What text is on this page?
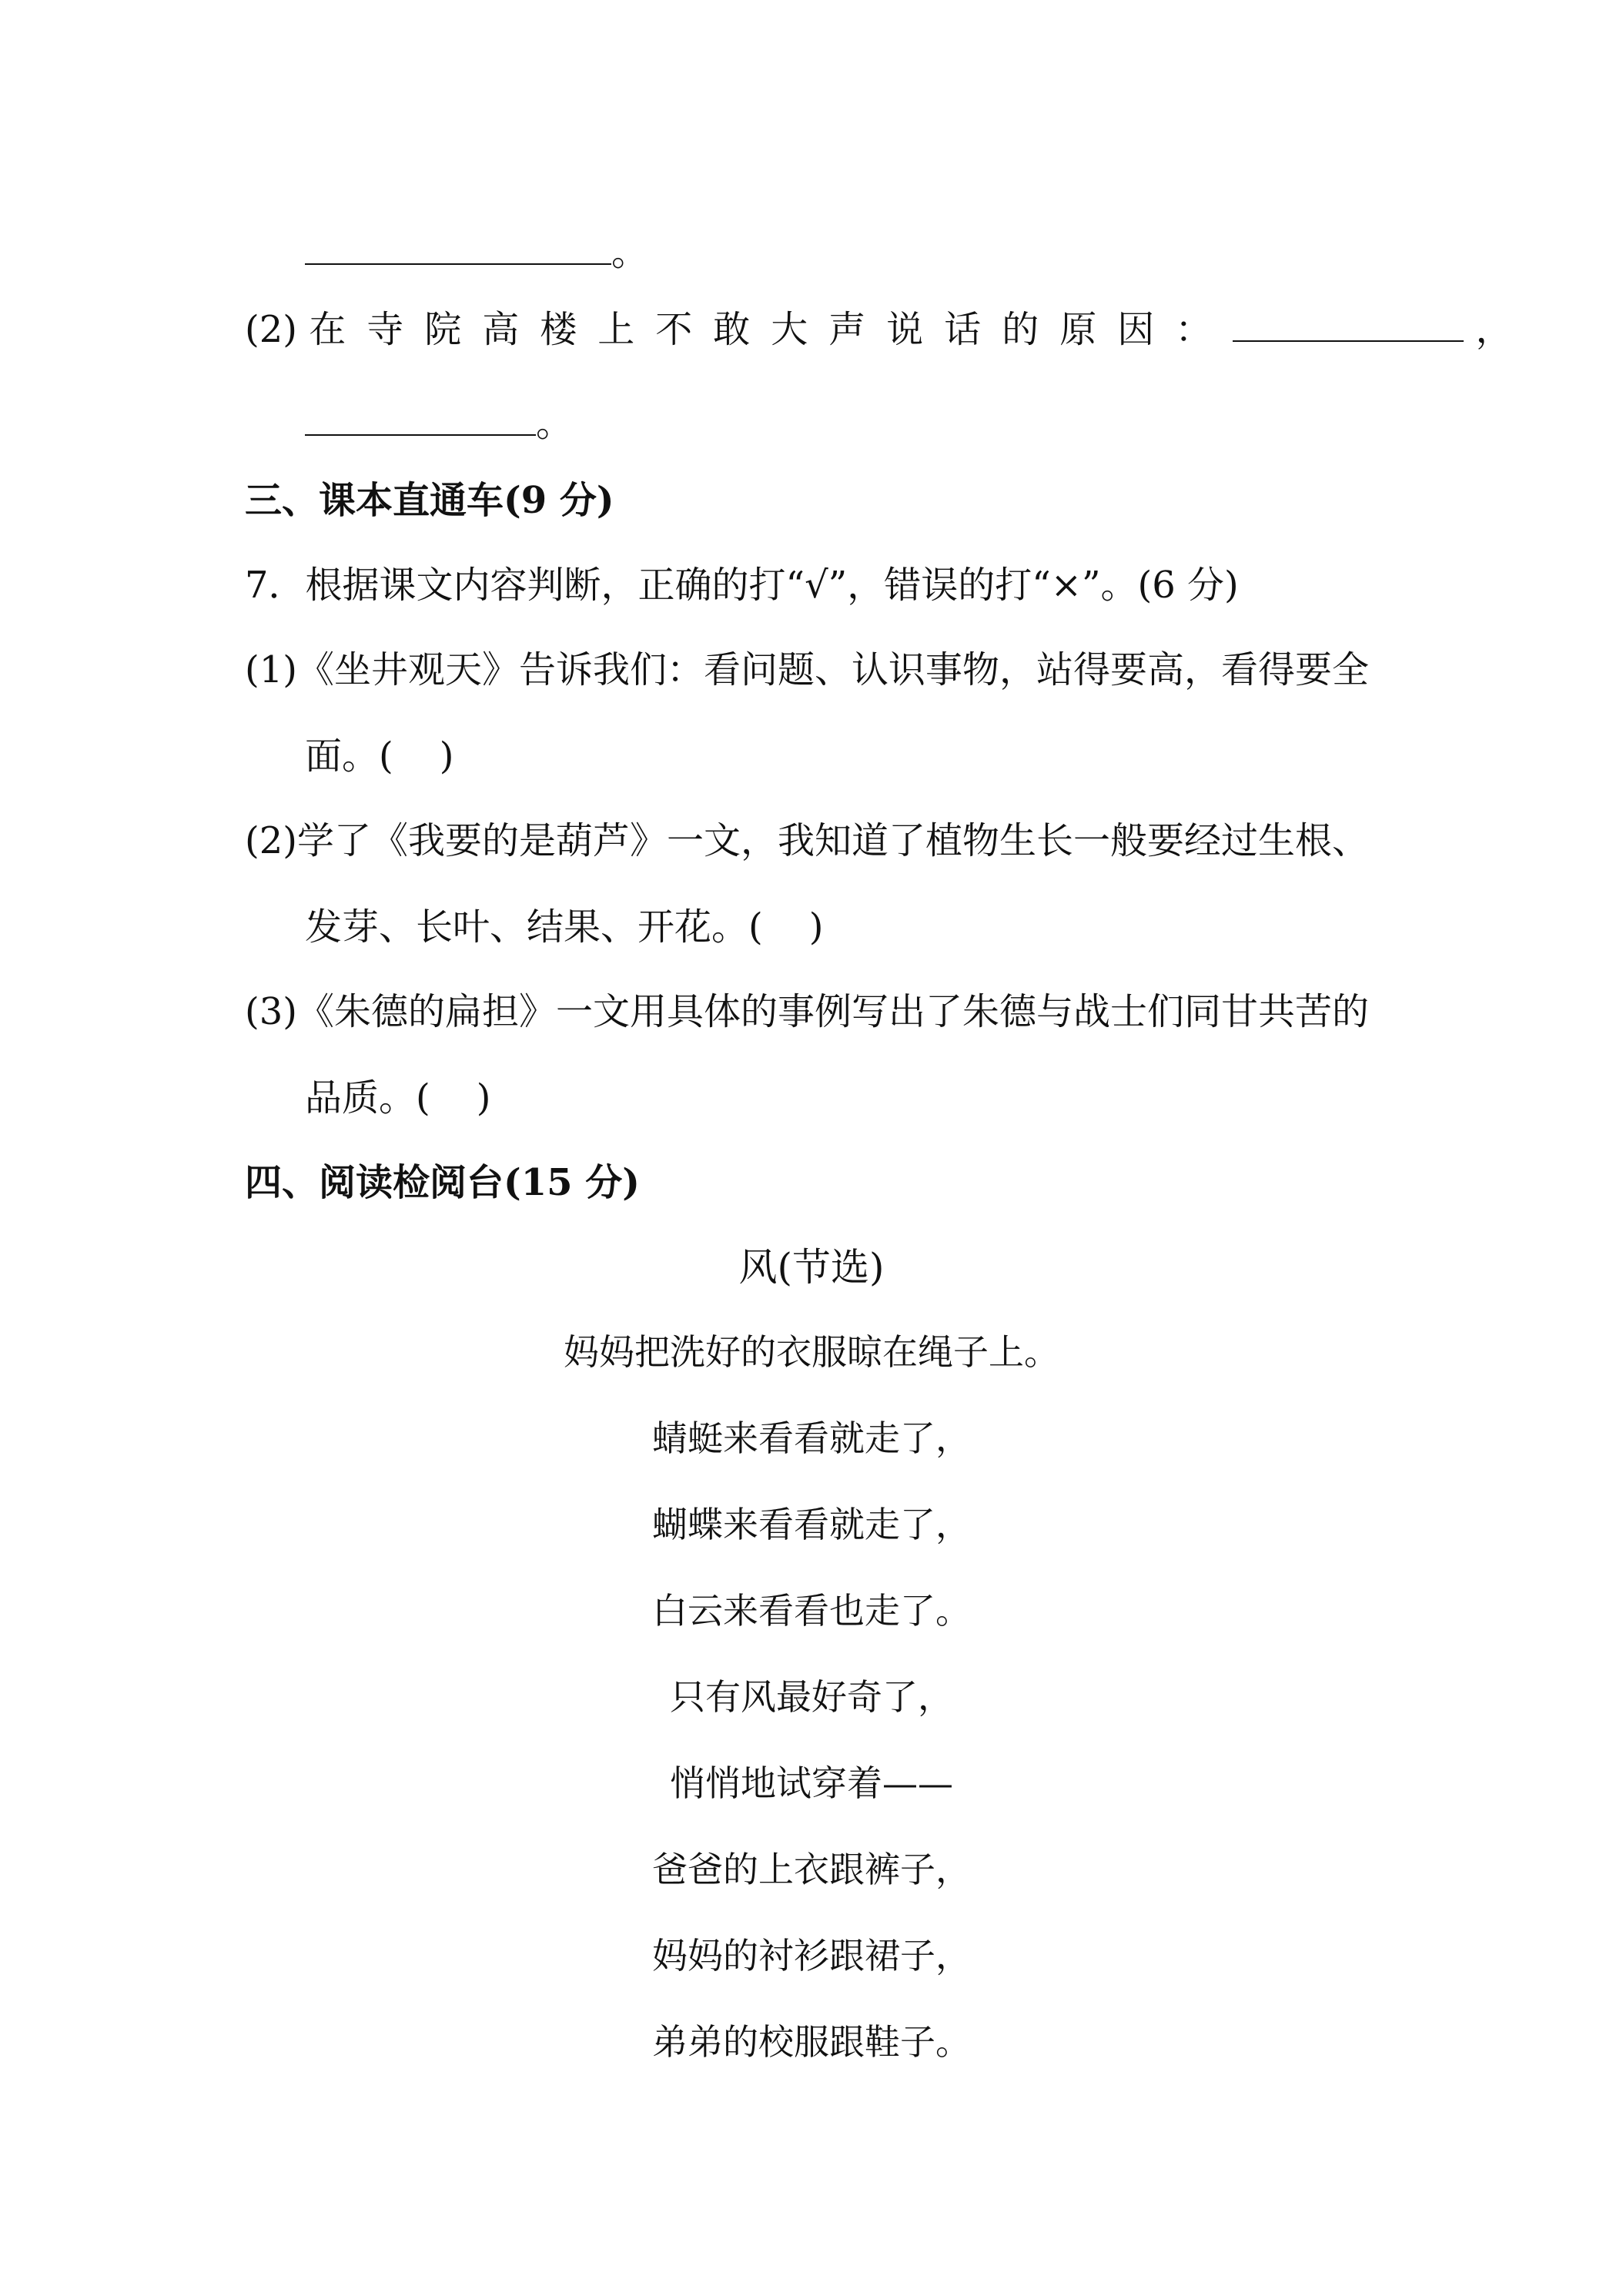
。
(2) 在寺院高楼上不敢大声说话的原因：	，
。
三、课本直通车(9 分)
7．根据课文内容判断，正确的打“√”，错误的打“×”。(6 分)
(1)《坐井观天》告诉我们：看问题、认识事物，站得要高，看得要全
面。( )
(2)学了《我要的是葫芦》一文，我知道了植物生长一般要经过生根、
发芽、长叶、结果、开花。( )
(3)《朱德的扁担》一文用具体的事例写出了朱德与战士们同甘共苦的
品质。( )
四、阅读检阅台(15 分)
风(节选)
妈妈把洗好的衣服晾在绳子上。
蜻蜓来看看就走了，
蝴蝶来看看就走了，
白云来看看也走了。
只有风最好奇了，
悄悄地试穿着——
爸爸的上衣跟裤子，
妈妈的衬衫跟裙子，
弟弟的校服跟鞋子。
